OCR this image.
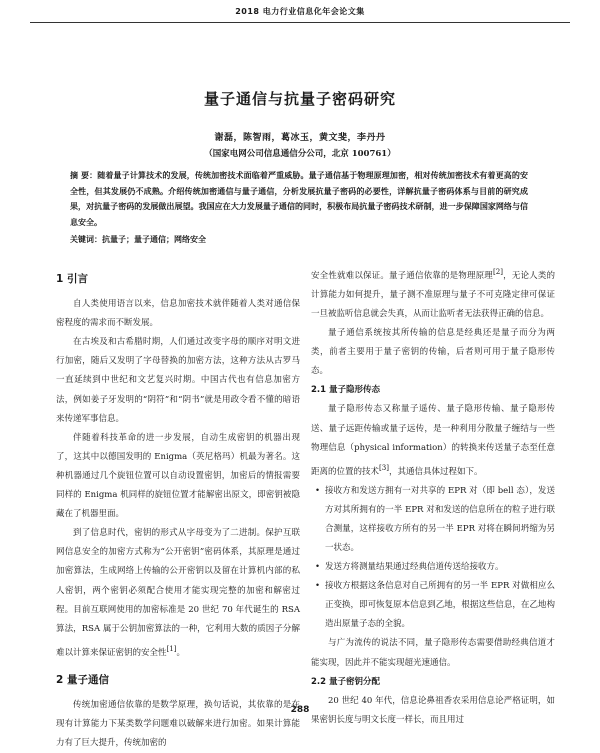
2018 电力行业信息化年会论文集
量子通信与抗量子密码研究
谢磊，陈智雨，葛冰玉，黄文斐，李丹丹
（国家电网公司信息通信分公司，北京 100761）
摘 要：随着量子计算技术的发展，传统加密技术面临着严重威胁。量子通信基于物理原理加密，相对传统加密技术有着更高的安全性，但其发展仍不成熟。介绍传统加密通信与量子通信，分析发展抗量子密码的必要性，详解抗量子密码体系与目前的研究成果，对抗量子密码的发展做出展望。我国应在大力发展量子通信的同时，积极布局抗量子密码技术研制，进一步保障国家网络与信息安全。
关键词：抗量子；量子通信；网络安全
1 引言

自人类使用语言以来，信息加密技术就伴随着人类对通信保密程度的需求而不断发展。

在古埃及和古希腊时期，人们通过改变字母的顺序对明文进行加密，随后又发明了字母替换的加密方法，这种方法从古罗马一直延续到中世纪和文艺复兴时期。中国古代也有信息加密方法，例如姜子牙发明的“阴符”和“阴书”就是用政令看不懂的暗语来传递军事信息。

伴随着科技革命的进一步发展，自动生成密钥的机器出现了，这其中以德国发明的 Enigma（英尼格玛）机最为著名。这种机器通过几个旋钮位置可以自动设置密钥，加密后的情报需要同样的 Enigma 机同样的旋钮位置才能解密出原文，即密钥被隐藏在了机器里面。

到了信息时代，密钥的形式从字母变为了二进制。保护互联网信息安全的加密方式称为“公开密钥”密码体系，其原理是通过加密算法，生成网络上传输的公开密钥以及留在计算机内部的私人密钥，两个密钥必须配合使用才能实现完整的加密和解密过程。目前互联网使用的加密标准是 20 世纪 70 年代诞生的 RSA 算法，RSA 属于公钥加密算法的一种，它利用大数的质因子分解难以计算来保证密钥的安全性[1]。

2 量子通信

传统加密通信依靠的是数学原理，换句话说，其依靠的是在现有计算能力下某类数学问题难以破解来进行加密。如果计算能力有了巨大提升，传统加密的

安全性就难以保证。量子通信依靠的是物理原理[2]，无论人类的计算能力如何提升，量子测不准原理与量子不可克隆定律可保证一旦被监听信息就会失真，从而让监听者无法获得正确的信息。

量子通信系统按其所传输的信息是经典还是量子而分为两类，前者主要用于量子密钥的传输，后者则可用于量子隐形传态。

2.1 量子隐形传态

量子隐形传态又称量子遥传、量子隐形传输、量子隐形传送、量子远距传输或量子远传，是一种利用分散量子缠结与一些物理信息（physical information）的转换来传送量子态至任意距离的位置的技术[3]，其通信具体过程如下。

• 接收方和发送方拥有一对共享的 EPR 对（即 bell 态），发送方对其所拥有的一半 EPR 对和发送的信息所在的粒子进行联合测量，这样接收方所有的另一半 EPR 对将在瞬间坍缩为另一状态。
• 发送方将测量结果通过经典信道传送给接收方。
• 接收方根据这条信息对自己所拥有的另一半 EPR 对做相应么正变换，即可恢复原本信息到乙地，根据这些信息，在乙地构造出原量子态的全貌。

与广为流传的说法不同，量子隐形传态需要借助经典信道才能实现，因此并不能实现超光速通信。

2.2 量子密钥分配

20 世纪 40 年代，信息论鼻祖香农采用信息论严格证明，如果密钥长度与明文长度一样长，而且用过

288
